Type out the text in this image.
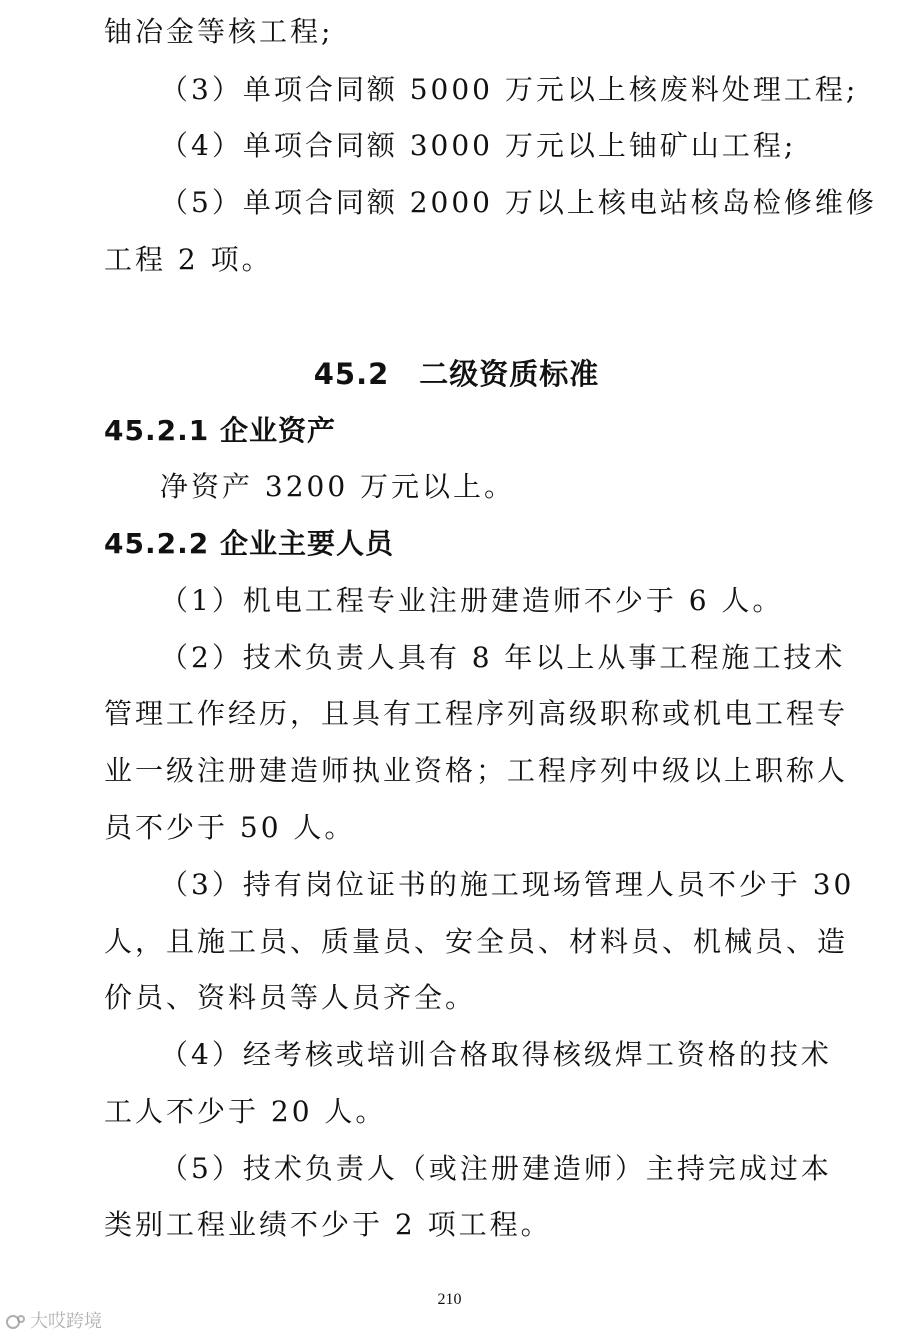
铀冶金等核工程;
（3）单项合同额 5000 万元以上核废料处理工程;
（4）单项合同额 3000 万元以上铀矿山工程;
（5）单项合同额 2000 万以上核电站核岛检修维修
工程 2 项。
45.2　二级资质标准
45.2.1 企业资产
净资产 3200 万元以上。
45.2.2 企业主要人员
（1）机电工程专业注册建造师不少于 6 人。
（2）技术负责人具有 8 年以上从事工程施工技术
管理工作经历，且具有工程序列高级职称或机电工程专
业一级注册建造师执业资格；工程序列中级以上职称人
员不少于 50 人。
（3）持有岗位证书的施工现场管理人员不少于 30
人，且施工员、质量员、安全员、材料员、机械员、造
价员、资料员等人员齐全。
（4）经考核或培训合格取得核级焊工资格的技术
工人不少于 20 人。
（5）技术负责人（或注册建造师）主持完成过本
类别工程业绩不少于 2 项工程。
210
大哎跨境
